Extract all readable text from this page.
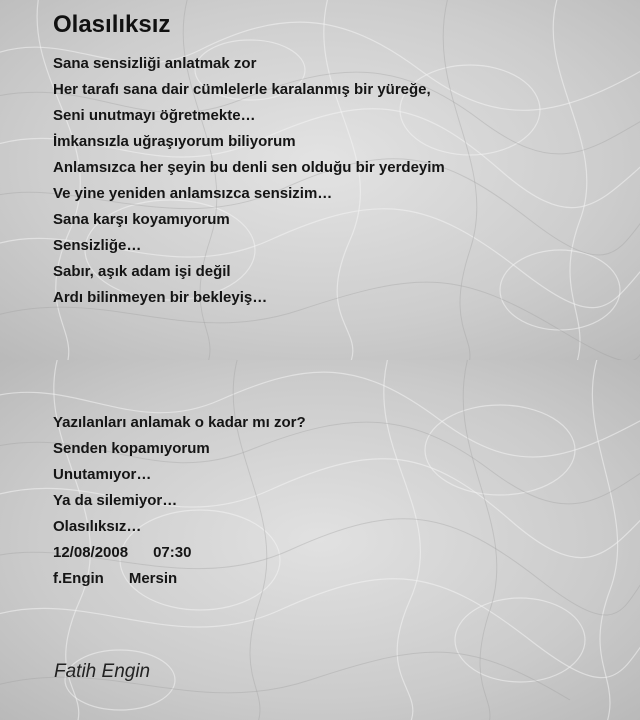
Olasılıksız
Sana sensizliği anlatmak zor
Her tarafı sana dair cümlelerle karalanmış bir yüreğe,
Seni unutmayı öğretmekte…
İmkansızla uğraşıyorum biliyorum
Anlamsızca her şeyin bu denli sen olduğu bir yerdeyim
Ve yine yeniden anlamsızca sensizim…
Sana karşı koyamıyorum
Sensizliğe…
Sabır, aşık adam işi değil
Ardı bilinmeyen bir bekleyiş…
Yazılanları anlamak o kadar mı zor?
Senden kopamıyorum
Unutamıyor…
Ya da silemiyor…
Olasılıksız…
12/08/2008      07:30
f.Engin      Mersin
Fatih Engin
